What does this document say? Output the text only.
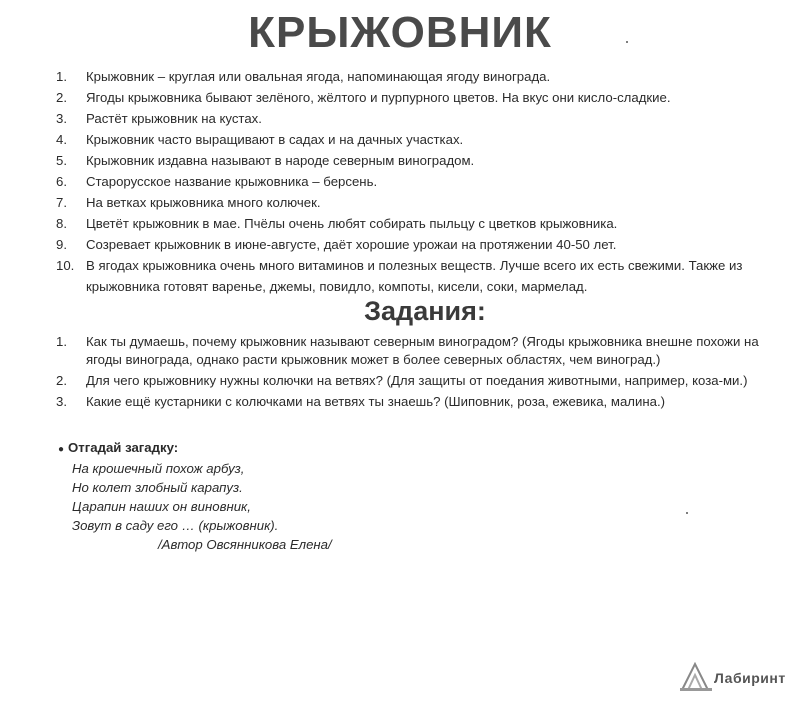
КРЫЖОВНИК
1.	Крыжовник – круглая или овальная ягода, напоминающая ягоду винограда.
2.	Ягоды крыжовника бывают зелёного, жёлтого и пурпурного цветов. На вкус они кисло-сладкие.
3.	Растёт крыжовник на кустах.
4.	Крыжовник часто выращивают в садах и на дачных участках.
5.	Крыжовник издавна называют в народе северным виноградом.
6.	Старорусское название крыжовника – берсень.
7.	На ветках крыжовника много колючек.
8.	Цветёт крыжовник в мае. Пчёлы очень любят собирать пыльцу с цветков крыжовника.
9.	Созревает крыжовник в июне-августе, даёт хорошие урожаи на протяжении 40-50 лет.
10. В ягодах крыжовника очень много витаминов и полезных веществ. Лучше всего их есть свежими. Также из крыжовника готовят варенье, джемы, повидло, компоты, кисели, соки, мармелад.
Задания:
1. Как ты думаешь, почему крыжовник называют северным виноградом? (Ягоды крыжовника внешне похожи на ягоды винограда, однако расти крыжовник может в более северных областях, чем виноград.)
2. Для чего крыжовнику нужны колючки на ветвях? (Для защиты от поедания животными, например, коза-ми.)
3. Какие ещё кустарники с колючками на ветвях ты знаешь? (Шиповник, роза, ежевика, малина.)
● Отгадай загадку:
На крошечный похож арбуз,
Но колет злобный карапуз.
Царапин наших он виновник,
Зовут в саду его … (крыжовник).
/Автор Овсянникова Елена/
Лабиринт
